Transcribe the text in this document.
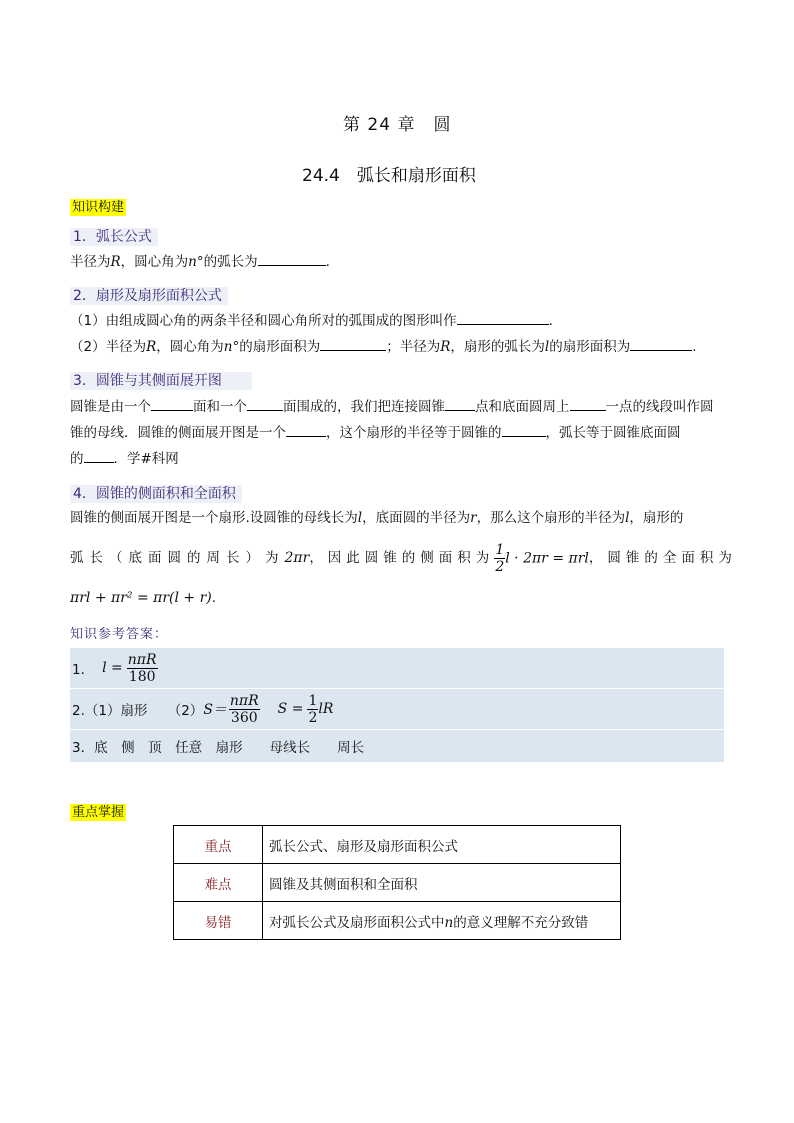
第 24 章　圆
24.4　弧长和扇形面积
知识构建
1．弧长公式
半径为R，圆心角为n°的弧长为	.
2．扇形及扇形面积公式
（1）由组成圆心角的两条半径和圆心角所对的弧围成的图形叫作	.
（2）半径为R，圆心角为n°的扇形面积为	；半径为R，扇形的弧长为l的扇形面积为	.
3．圆锥与其侧面展开图
圆锥是由一个	面和一个	面围成的，我们把连接圆锥 点和底面圆周上	一点的线段叫作圆
锥的母线．圆锥的侧面展开图是一个	，这个扇形的半径等于圆锥的	，弧长等于圆锥底面圆
的 ．学#科网
4．圆锥的侧面积和全面积
圆锥的侧面展开图是一个扇形.设圆锥的母线长为l，底面圆的半径为r，那么这个扇形的半径为l，扇形的
弧长（底面圆的周长）为 2πr ，因此圆锥的侧面积为 $\frac{1}{2}$ l · 2πr = πrl ，圆锥的全面积为
πrl + πr² = πr(l + r).
知识参考答案：
1． $l = \frac{\text{nπR}}{180}$
2.（1）扇形　　（2） $S= \frac{\text{nπR}}{360}$ $S = \frac{1}{2}$ lR
3．底　侧　顶　任意　扇形　　母线长　　周长
重点掌握
重点	弧长公式、扇形及扇形面积公式
难点	圆锥及其侧面积和全面积
易错	对弧长公式及扇形面积公式中n的意义理解不充分致错
